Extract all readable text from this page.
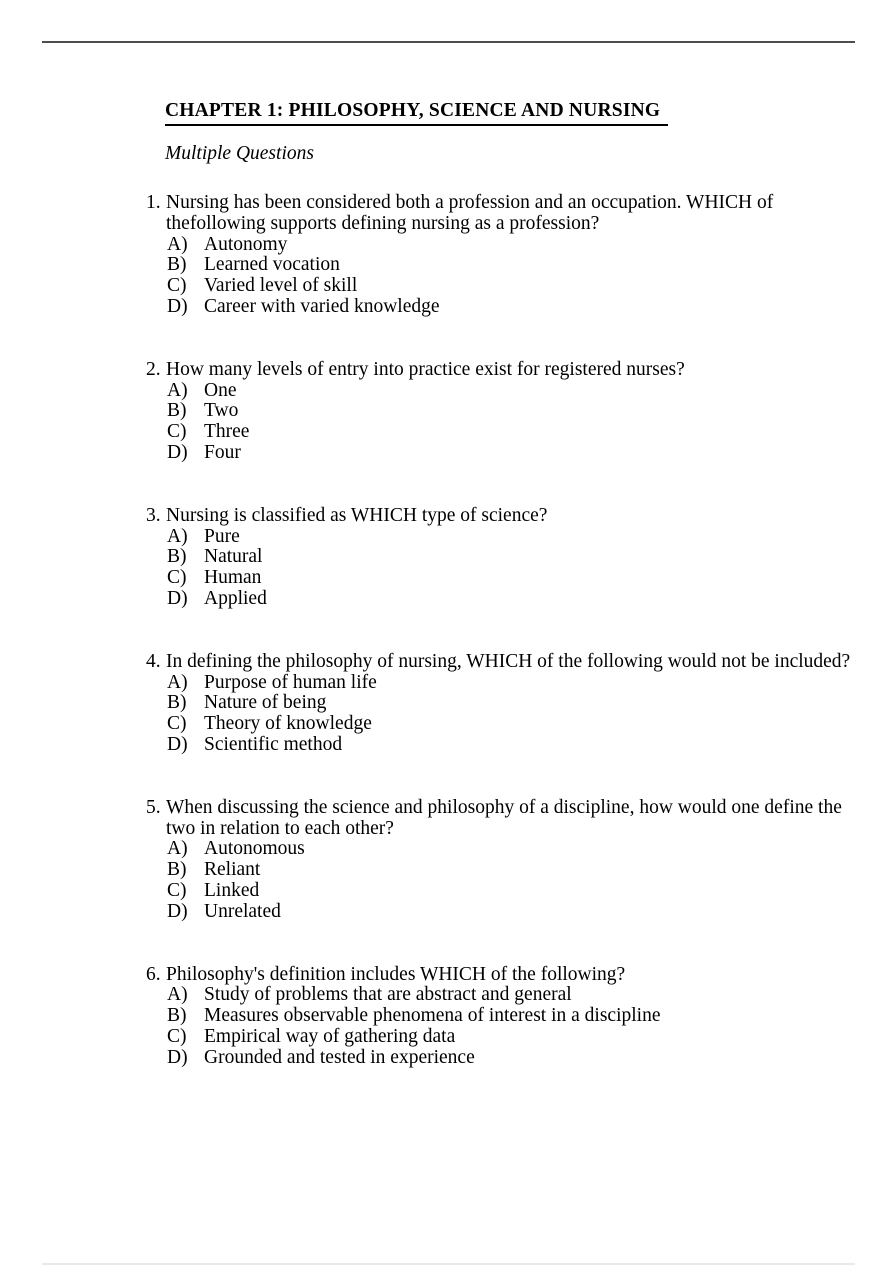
CHAPTER 1: PHILOSOPHY, SCIENCE AND NURSING
Multiple Questions
1. Nursing has been considered both a profession and an occupation. WHICH of
thefollowing supports defining nursing as a profession?
A) Autonomy
B) Learned vocation
C) Varied level of skill
D) Career with varied knowledge
2. How many levels of entry into practice exist for registered nurses?
A) One
B) Two
C) Three
D) Four
3. Nursing is classified as WHICH type of science?
A) Pure
B) Natural
C) Human
D) Applied
4. In defining the philosophy of nursing, WHICH of the following would not be included?
A) Purpose of human life
B) Nature of being
C) Theory of knowledge
D) Scientific method
5. When discussing the science and philosophy of a discipline, how would one define the
two in relation to each other?
A) Autonomous
B) Reliant
C) Linked
D) Unrelated
6. Philosophy's definition includes WHICH of the following?
A) Study of problems that are abstract and general
B) Measures observable phenomena of interest in a discipline
C) Empirical way of gathering data
D) Grounded and tested in experience
